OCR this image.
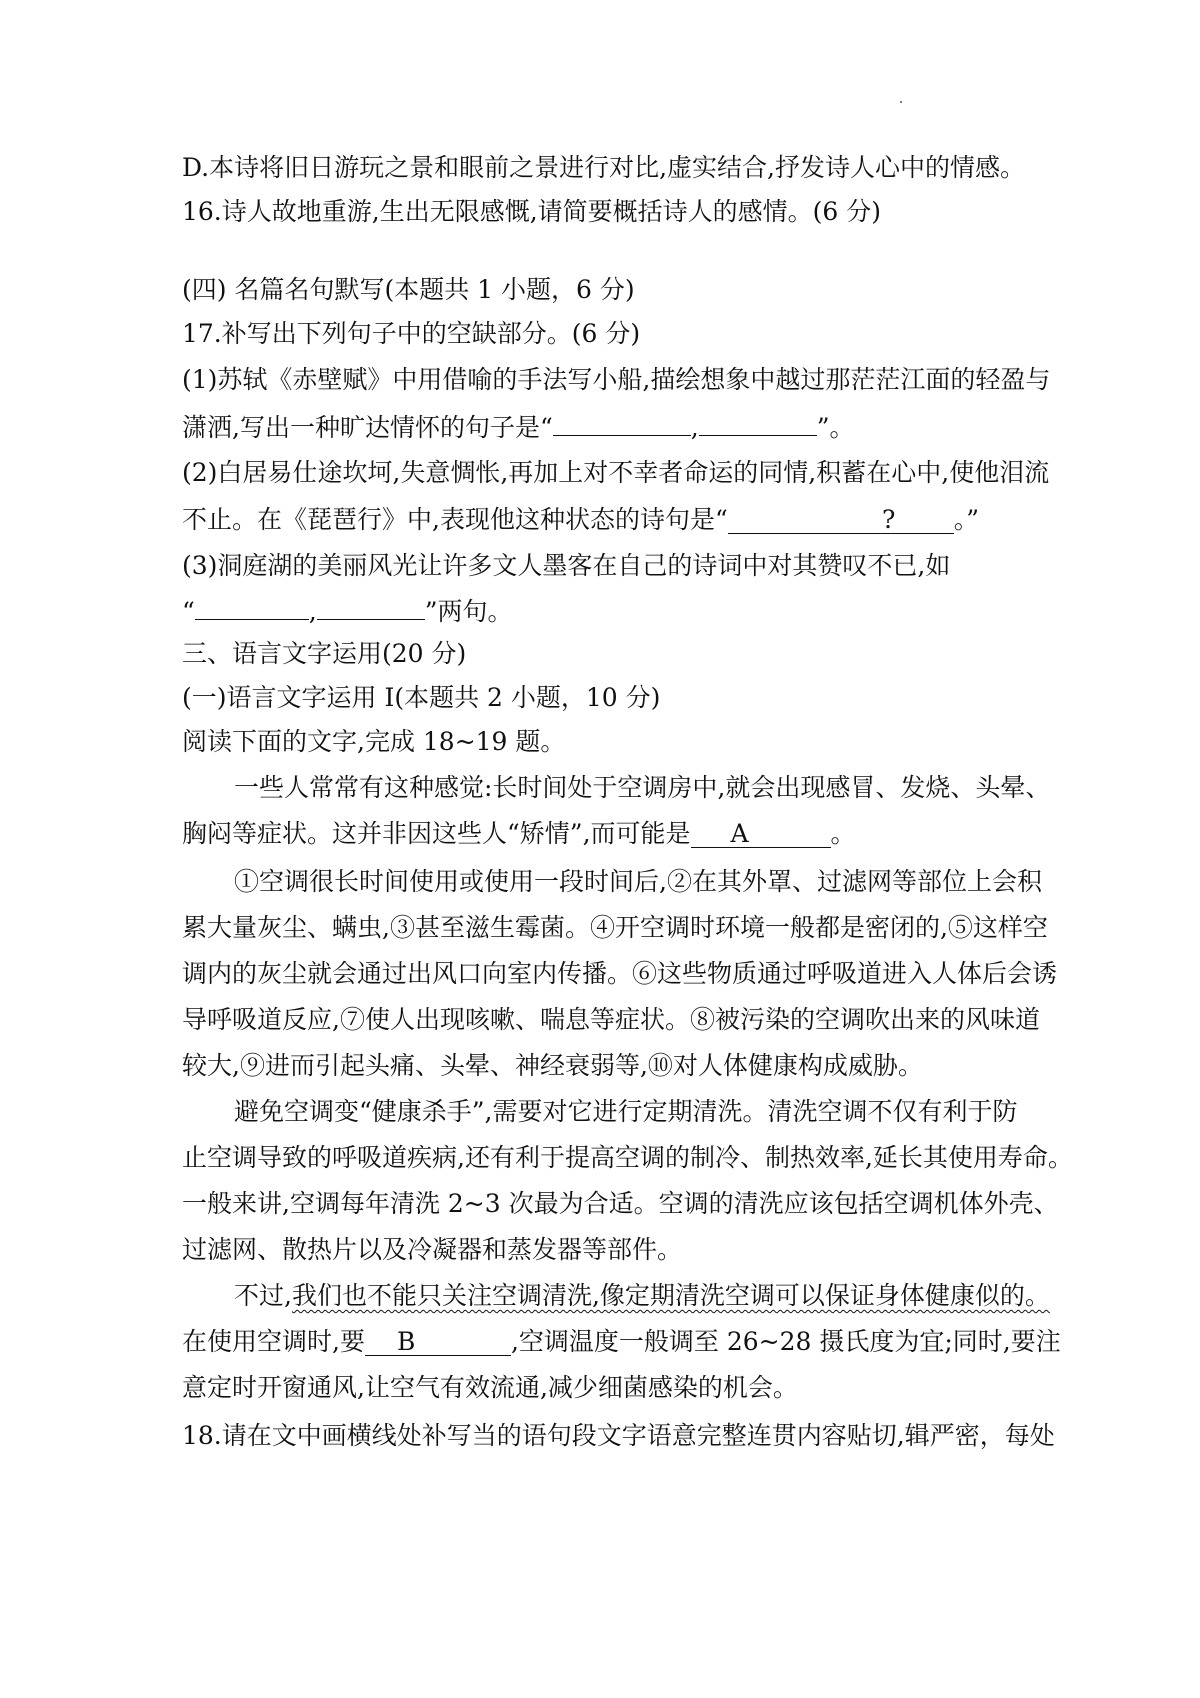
D.本诗将旧日游玩之景和眼前之景进行对比,虚实结合,抒发诗人心中的情感。
16.诗人故地重游,生出无限感慨,请简要概括诗人的感情。(6 分)
(四) 名篇名句默写(本题共 1 小题，6 分)
17.补写出下列句子中的空缺部分。(6 分)
(1)苏轼《赤壁赋》中用借喻的手法写小船,描绘想象中越过那茫茫江面的轻盈与
潇洒,写出一种旷达情怀的句子是“	,	”。
(2)白居易仕途坎坷,失意惆怅,再加上对不幸者命运的同情,积蓄在心中,使他泪流
不止。在《琵琶行》中,表现他这种状态的诗句是“	? 。”
(3)洞庭湖的美丽风光让许多文人墨客在自己的诗词中对其赞叹不已,如
“	,	”两句。
三、语言文字运用(20 分)
(一)语言文字运用 I(本题共 2 小题，10 分)
阅读下面的文字,完成 18~19 题。
一些人常常有这种感觉:长时间处于空调房中,就会出现感冒、发烧、头晕、
胸闷等症状。这并非因这些人“矫情”,而可能是 A	。
①空调很长时间使用或使用一段时间后,②在其外罩、过滤网等部位上会积
累大量灰尘、螨虫,③甚至滋生霉菌。④开空调时环境一般都是密闭的,⑤这样空
调内的灰尘就会通过出风口向室内传播。⑥这些物质通过呼吸道进入人体后会诱
导呼吸道反应,⑦使人出现咳嗽、喘息等症状。⑧被污染的空调吹出来的风味道
较大,⑨进而引起头痛、头晕、神经衰弱等,⑩对人体健康构成威胁。
避免空调变“健康杀手”,需要对它进行定期清洗。清洗空调不仅有利于防
止空调导致的呼吸道疾病,还有利于提高空调的制冷、制热效率,延长其使用寿命。
一般来讲,空调每年清洗 2~3 次最为合适。空调的清洗应该包括空调机体外壳、
过滤网、散热片以及冷凝器和蒸发器等部件。
不过,我们也不能只关注空调清洗,像定期清洗空调可以保证身体健康似的。
在使用空调时,要 B	,空调温度一般调至 26~28 摄氏度为宜;同时,要注
意定时开窗通风,让空气有效流通,减少细菌感染的机会。
18.请在文中画横线处补写当的语句段文字语意完整连贯内容贴切,辑严密，每处
